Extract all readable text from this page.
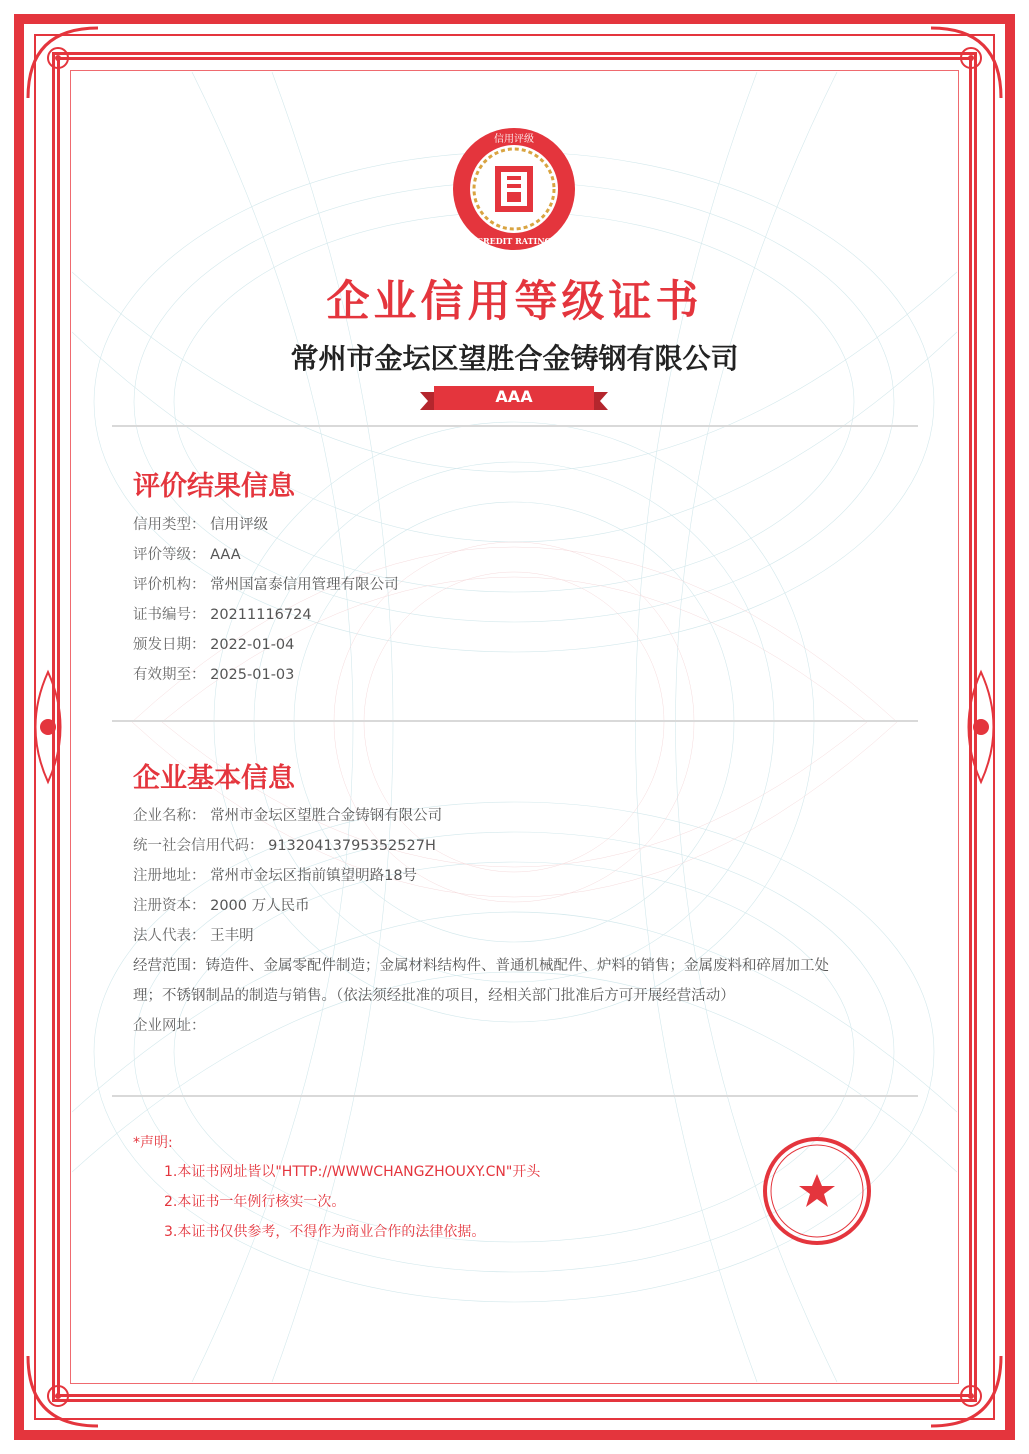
信用评级
CREDIT RATING
企业信用等级证书
常州市金坛区望胜合金铸钢有限公司
AAA
评价结果信息
信用类型： 信用评级
评价等级： AAA
评价机构： 常州国富泰信用管理有限公司
证书编号： 20211116724
颁发日期： 2022-01-04
有效期至： 2025-01-03
企业基本信息
企业名称： 常州市金坛区望胜合金铸钢有限公司
统一社会信用代码： 91320413795352527H
注册地址： 常州市金坛区指前镇望明路18号
注册资本： 2000 万人民币
法人代表： 王丰明
经营范围：铸造件、金属零配件制造；金属材料结构件、普通机械配件、炉料的销售；金属废料和碎屑加工处
理；不锈钢制品的制造与销售。（依法须经批准的项目，经相关部门批准后方可开展经营活动）
企业网址：
*声明:
1.本证书网址皆以"HTTP://WWWCHANGZHOUXY.CN"开头
2.本证书一年例行核实一次。
3.本证书仅供参考，不得作为商业合作的法律依据。
